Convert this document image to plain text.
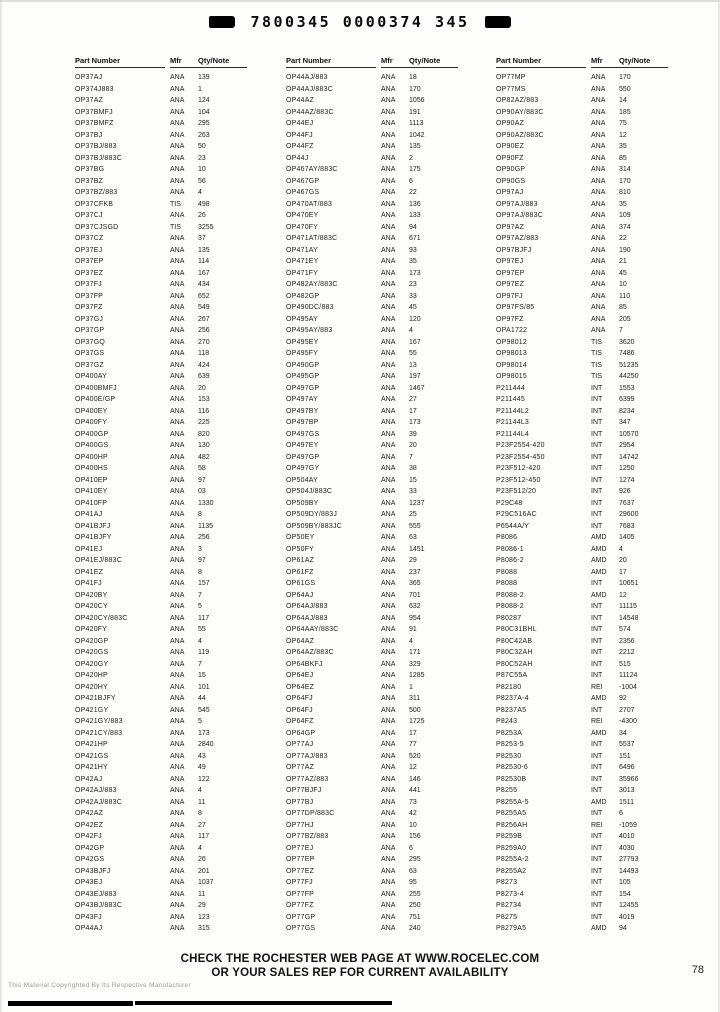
7800345 0000374 345
Part Number	Mfr	Qty/Note
OP37AJ	ANA	139
OP374J883	ANA	1
OP37AZ	ANA	124
OP37BMFJ	ANA	104
OP37BMFZ	ANA	295
OP37BJ	ANA	263
OP37BJ/883	ANA	50
OP37BJ/883C	ANA	23
OP37BG	ANA	10
OP37BZ	ANA	56
OP37BZ/883	ANA	4
OP37CFKB	TIS	498
OP37CJ	ANA	26
OP37CJSGD	TIS	3255
OP37CZ	ANA	37
OP37EJ	ANA	135
OP37EP	ANA	114
OP37EZ	ANA	167
OP37FJ	ANA	434
OP37FP	ANA	652
OP37FZ	ANA	549
OP37GJ	ANA	267
OP37GP	ANA	256
OP37GQ	ANA	270
OP37GS	ANA	118
OP37GZ	ANA	424
OP400AY	ANA	639
OP400BMFJ	ANA	20
OP400E/GP	ANA	153
OP400EY	ANA	116
OP400FY	ANA	225
OP400GP	ANA	820
OP400GS	ANA	130
OP400HP	ANA	482
OP400HS	ANA	58
OP410EP	ANA	97
OP410EY	ANA	03
OP410FP	ANA	1330
OP41AJ	ANA	8
OP41BJFJ	ANA	1135
OP41BJFY	ANA	256
OP41EJ	ANA	3
OP41EJ/883C	ANA	97
OP41EZ	ANA	8
OP41FJ	ANA	157
OP420BY	ANA	7
OP420CY	ANA	5
OP420CY/883C	ANA	117
OP420FY	ANA	55
OP420GP	ANA	4
OP420GS	ANA	119
OP420GY	ANA	7
OP420HP	ANA	15
OP420HY	ANA	101
OP421BJFY	ANA	44
OP421GY	ANA	545
OP421GY/883	ANA	5
OP421CY/883	ANA	173
OP421HP	ANA	2840
OP421GS	ANA	43
OP421HY	ANA	49
OP42AJ	ANA	122
OP42AJ/883	ANA	4
OP42AJ/883C	ANA	11
OP42AZ	ANA	8
OP42EZ	ANA	27
OP42FJ	ANA	117
OP42GP	ANA	4
OP42GS	ANA	26
OP43BJFJ	ANA	201
OP43EJ	ANA	1037
OP43EJ/883	ANA	11
OP43BJ/883C	ANA	29
OP43FJ	ANA	123
OP44AJ	ANA	315
Part Number	Mfr	Qty/Note
OP44AJ/883	ANA	18
OP44AJ/883C	ANA	170
OP44AZ	ANA	1056
OP44AZ/883C	ANA	191
OP44EJ	ANA	1113
OP44FJ	ANA	1042
OP44FZ	ANA	135
OP44J	ANA	2
OP467AY/883C	ANA	175
OP467GP	ANA	6
OP467GS	ANA	22
OP470AT/883	ANA	136
OP470EY	ANA	133
OP470FY	ANA	94
OP471AT/883C	ANA	671
OP471AY	ANA	93
OP471EY	ANA	35
OP471FY	ANA	173
OP482AY/883C	ANA	23
OP482GP	ANA	33
OP490DC/883	ANA	45
OP495AY	ANA	120
OP495AY/883	ANA	4
OP495EY	ANA	167
OP495FY	ANA	55
OP490GP	ANA	13
OP495GP	ANA	197
OP497GP	ANA	1467
OP497AY	ANA	27
OP497BY	ANA	17
OP497BP	ANA	173
OP497GS	ANA	39
OP497EY	ANA	20
OP497GP	ANA	7
OP497GY	ANA	38
OP504AY	ANA	15
OP504J/883C	ANA	33
OP509BY	ANA	1237
OP509DY/883J	ANA	25
OP509BY/883JC	ANA	555
OP50EY	ANA	63
OP50FY	ANA	1451
OP61AZ	ANA	29
OP61FZ	ANA	237
OP61GS	ANA	365
OP64AJ	ANA	701
OP64AJ/883	ANA	632
OP64AJ/883	ANA	954
OP64AAY/883C	ANA	91
OP64AZ	ANA	4
OP64AZ/883C	ANA	171
OP64BKFJ	ANA	329
OP64EJ	ANA	1285
OP64EZ	ANA	1
OP64FJ	ANA	311
OP64FJ	ANA	500
OP64FZ	ANA	1725
OP64GP	ANA	17
OP77AJ	ANA	77
OP77AJ/883	ANA	520
OP77AZ	ANA	12
OP77AZ/883	ANA	146
OP77BJFJ	ANA	441
OP77BJ	ANA	73
OP77DP/883C	ANA	42
OP77HJ	ANA	10
OP77BZ/883	ANA	156
OP77EJ	ANA	6
OP77EP	ANA	295
OP77EZ	ANA	63
OP77FJ	ANA	95
OP77FP	ANA	255
OP77FZ	ANA	250
OP77GP	ANA	751
OP77GS	ANA	240
Part Number	Mfr	Qty/Note
OP77MP	ANA	170
OP77MS	ANA	550
OP82AZ/883	ANA	14
OP90AY/883C	ANA	185
OP90AZ	ANA	75
OP90AZ/883C	ANA	12
OP90EZ	ANA	35
OP90FZ	ANA	85
OP90GP	ANA	314
OP90GS	ANA	170
OP97AJ	ANA	810
OP97AJ/883	ANA	35
OP97AJ/883C	ANA	109
OP97AZ	ANA	374
OP97AZ/883	ANA	22
OP97BJFJ	ANA	190
OP97EJ	ANA	21
OP97EP	ANA	45
OP97EZ	ANA	10
OP97FJ	ANA	110
OP97FS/85	ANA	85
OP97FZ	ANA	205
OPA1722	ANA	7
OP98012	TIS	3620
OP98013	TIS	7486
OP98014	TIS	51235
OP98015	TIS	44250
P211444	INT	1553
P211445	INT	6399
P21144L2	INT	8234
P21144L3	INT	347
P21144L4	INT	10570
P23F2554-420	INT	2954
P23F2554-450	INT	14742
P23F512-420	INT	1250
P23F512-450	INT	1274
P23F512/20	INT	926
P29C48	INT	7637
P29C516AC	INT	29600
P6544A/Y	INT	7683
P8086	AMD	1405
P8086-1	AMD	4
P8086-2	AMD	20
P8088	AMD	17
P8088	INT	10651
P8088-2	AMD	12
P8088-2	INT	11115
P80287	INT	14548
P80C31BHL	INT	574
P80C42AB	INT	2356
P80C32AH	INT	2212
P80C52AH	INT	515
P87C55A	INT	11124
P82180	REI	-1004
P8237A-4	AMD	92
P8237A5	INT	2707
P8243	REI	-4300
P8253A	AMD	34
P8253-5	INT	5537
P82530	INT	151
P82530-6	INT	6496
P82530B	INT	35966
P8255	INT	3013
P8255A-5	AMD	1511
P8255A5	INT	6
P8256AH	REI	-1059
P8259B	INT	4010
P8259A0	INT	4030
P8255A-2	INT	27793
P8255A2	INT	14493
P8273	INT	105
P8273-4	INT	154
P82734	INT	12455
P8275	INT	4019
P8279A5	AMD	94
CHECK THE ROCHESTER WEB PAGE AT WWW.ROCELEC.COM
OR YOUR SALES REP FOR CURRENT AVAILABILITY
This Material Copyrighted By Its Respective Manufacturer
78
